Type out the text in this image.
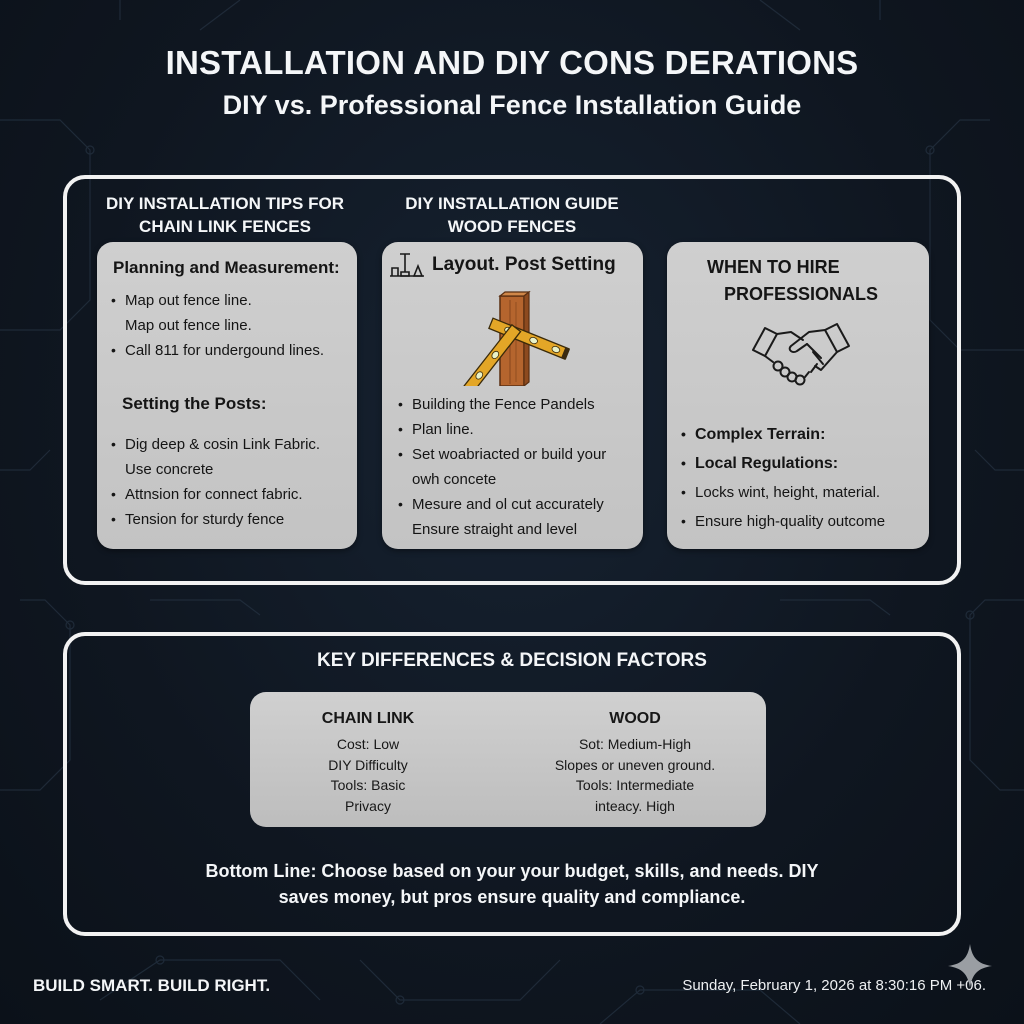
INSTALLATION AND DIY CONS DERATIONS
DIY vs. Professional Fence Installation Guide
DIY INSTALLATION TIPS FOR
CHAIN LINK FENCES
DIY INSTALLATION GUIDE
WOOD FENCES
Planning and Measurement:
• Map out fence line.
Map out fence line.
• Call 811 for undergound lines.
Setting the Posts:
• Dig deep & cosin Link Fabric.
Use concrete
• Attnsion for connect fabric.
• Tension for sturdy fence
Layout. Post Setting
• Building the Fence Pandels
• Plan line.
• Set woabriacted or build your
owh concete
• Mesure and ol cut accurately
Ensure straight and level
WHEN TO HIRE
PROFESSIONALS
• Complex Terrain:
• Local Regulations:
• Locks wint, height, material.
• Ensure high-quality outcome
KEY DIFFERENCES & DECISION FACTORS
CHAIN LINK
Cost: Low
DIY Difficulty
Tools: Basic
Privacy
WOOD
Sot: Medium-High
Slopes or uneven ground.
Tools: Intermediate
inteacy. High
Bottom Line: Choose based on your your budget, skills, and needs. DIY
saves money, but pros ensure quality and compliance.
BUILD SMART. BUILD RIGHT.	Sunday, February 1, 2026 at 8:30:16 PM +06.
